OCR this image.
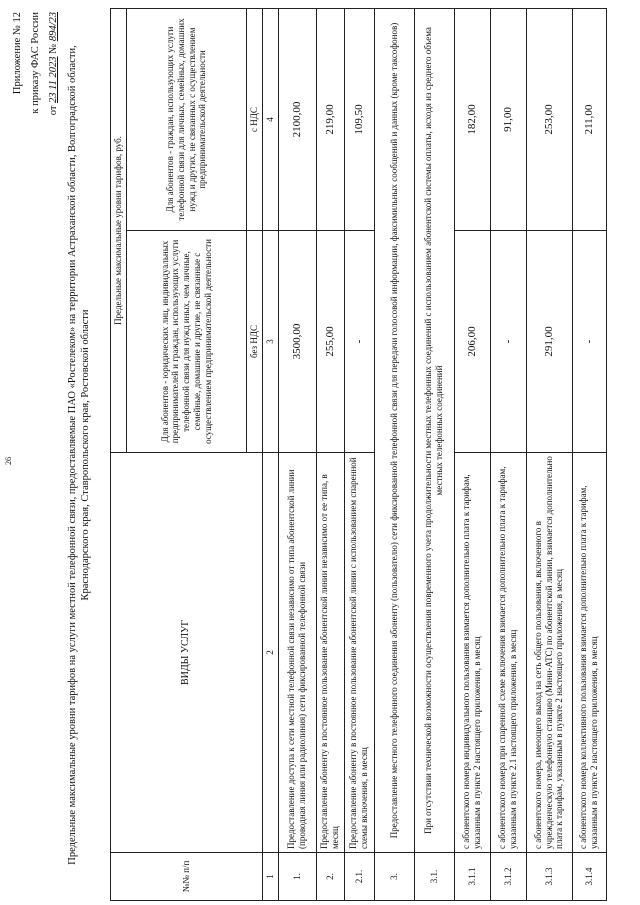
26
Приложение № 12 к приказу ФАС России от 23 11 2023 № 894/23
Предельные максимальные уровни тарифов на услуги местной телефонной связи, предоставляемые ПАО «Ростелеком» на территории Астраханской области, Волгоградской области, Краснодарского края, Ставропольского края, Ростовской области
№№ п/п	ВИДЫ УСЛУГ	Предельные максимальные уровни тарифов, руб.	
		Для абонентов - юридических лиц, индивидуальных предпринимателей и граждан, использующих услуги телефонной связи для нужд иных, чем личные, семейные, домашние и другие, не связанные с осуществлением предпринимательской деятельности	Для абонентов - граждан, использующих услуги телефонной связи для личных, семейных, домашних нужд и других, не связанных с осуществлением предпринимательской деятельности
		без НДС	с НДС
1	2	3	4
1.	Предоставление доступа к сети местной телефонной связи независимо от типа абонентской линии (проводная линия или радиолиния) сети фиксированной телефонной связи	3500,00	2100,00
2.	Предоставление абоненту в постоянное пользование абонентской линии независимо от ее типа, в месяц	255,00	219,00
2.1.	Предоставление абоненту в постоянное пользование абонентской линии с использованием спаренной схемы включения, в месяц	-	109,50
3.	Предоставление местного телефонного соединения абоненту (пользователю) сети фиксированной телефонной связи для передачи голосовой информации, факсимильных сообщений и данных (кроме таксофонов)		
3.1.	При отсутствии технической возможности осуществления повременного учета продолжительности местных телефонных соединений с использованием абонентской системы оплаты, исходя из среднего объема местных телефонных соединений		
3.1.1	с абонентского номера индивидуального пользования взимается дополнительно плата к тарифам, указанным в пункте 2 настоящего приложения, в месяц	206,00	182,00
3.1.2	с абонентского номера при спаренной схеме включения взимается дополнительно плата к тарифам, указанным в пункте 2.1 настоящего приложения, в месяц	-	91,00
3.1.3	с абонентского номера, имеющего выход на сеть общего пользования, включенного в учрежденческую телефонную станцию (Мини-АТС) по абонентской линии, взимается дополнительно плата к тарифам, указанным в пункте 2 настоящего приложения, в месяц	291,00	253,00
3.1.4	с абонентского номера коллективного пользования взимается дополнительно плата к тарифам, указанным в пункте 2 настоящего приложения, в месяц	-	211,00
